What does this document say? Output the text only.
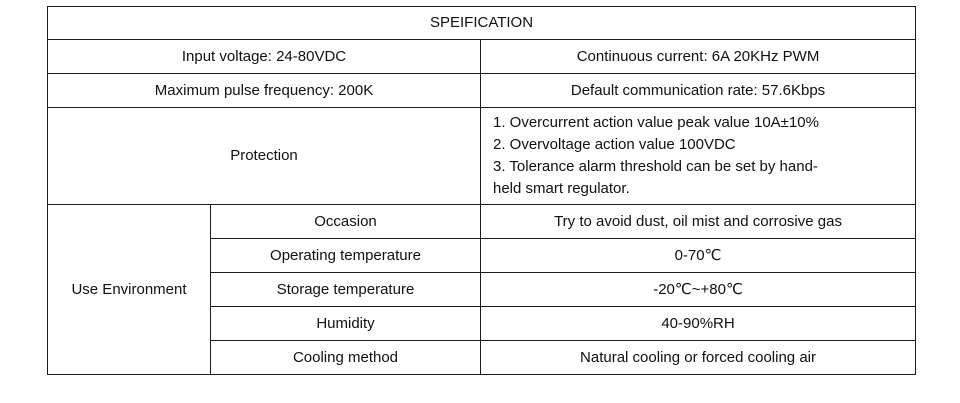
SPEIFICATION		
Input voltage: 24-80VDC		Continuous current: 6A 20KHz PWM
Maximum pulse frequency: 200K		Default communication rate: 57.6Kbps
Protection		1. Overcurrent action value peak value 10A±10%
2. Overvoltage action value 100VDC
3. Tolerance alarm threshold can be set by hand-
held smart regulator.

Use Environment	Occasion	Try to avoid dust, oil mist and corrosive gas
	Operating temperature	0-70℃
	Storage temperature	-20℃~+80℃
	Humidity	40-90%RH
	Cooling method	Natural cooling or forced cooling air
